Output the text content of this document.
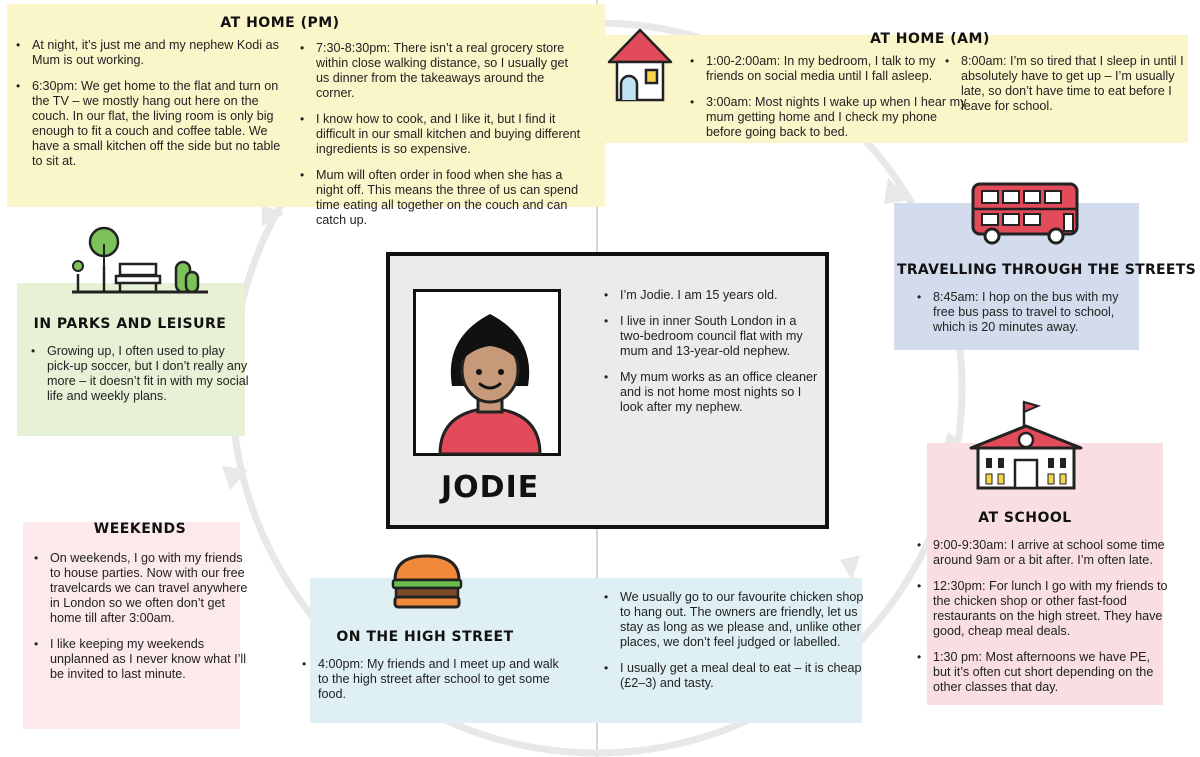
AT HOME (PM)
• At night, it’s just me and my nephew Kodi as Mum is out working.
• 6:30pm: We get home to the flat and turn on the TV – we mostly hang out here on the couch. In our flat, the living room is only big enough to fit a couch and coffee table. We have a small kitchen off the side but no table to sit at.
• 7:30-8:30pm: There isn’t a real grocery store within close walking distance, so I usually get us dinner from the takeaways around the corner.
• I know how to cook, and I like it, but I find it difficult in our small kitchen and buying different ingredients is so expensive.
• Mum will often order in food when she has a night off. This means the three of us can spend time eating all together on the couch and can catch up.
AT HOME (AM)
• 1:00-2:00am: In my bedroom, I talk to my friends on social media until I fall asleep.
• 3:00am: Most nights I wake up when I hear my mum getting home and I check my phone before going back to bed.
• 8:00am: I’m so tired that I sleep in until I absolutely have to get up – I’m usually late, so don’t have time to eat before I leave for school.
TRAVELLING THROUGH THE STREETS
• 8:45am: I hop on the bus with my free bus pass to travel to school, which is 20 minutes away.
AT SCHOOL
• 9:00-9:30am: I arrive at school some time around 9am or a bit after. I’m often late.
• 12:30pm: For lunch I go with my friends to the chicken shop or other fast-food restaurants on the high street. They have good, cheap meal deals.
• 1:30 pm: Most afternoons we have PE, but it’s often cut short depending on the other classes that day.
ON THE HIGH STREET
• 4:00pm: My friends and I meet up and walk to the high street after school to get some food.
• We usually go to our favourite chicken shop to hang out. The owners are friendly, let us stay as long as we please and, unlike other places, we don’t feel judged or labelled.
• I usually get a meal deal to eat – it is cheap (£2–3) and tasty.
WEEKENDS
• On weekends, I go with my friends to house parties. Now with our free travelcards we can travel anywhere in London so we often don’t get home till after 3:00am.
• I like keeping my weekends unplanned as I never know what I’ll be invited to last minute.
IN PARKS AND LEISURE
• Growing up, I often used to play pick-up soccer, but I don’t really any more – it doesn’t fit in with my social life and weekly plans.
JODIE
• I’m Jodie. I am 15 years old.
• I live in inner South London in a two-bedroom council flat with my mum and 13-year-old nephew.
• My mum works as an office cleaner and is not home most nights so I look after my nephew.
